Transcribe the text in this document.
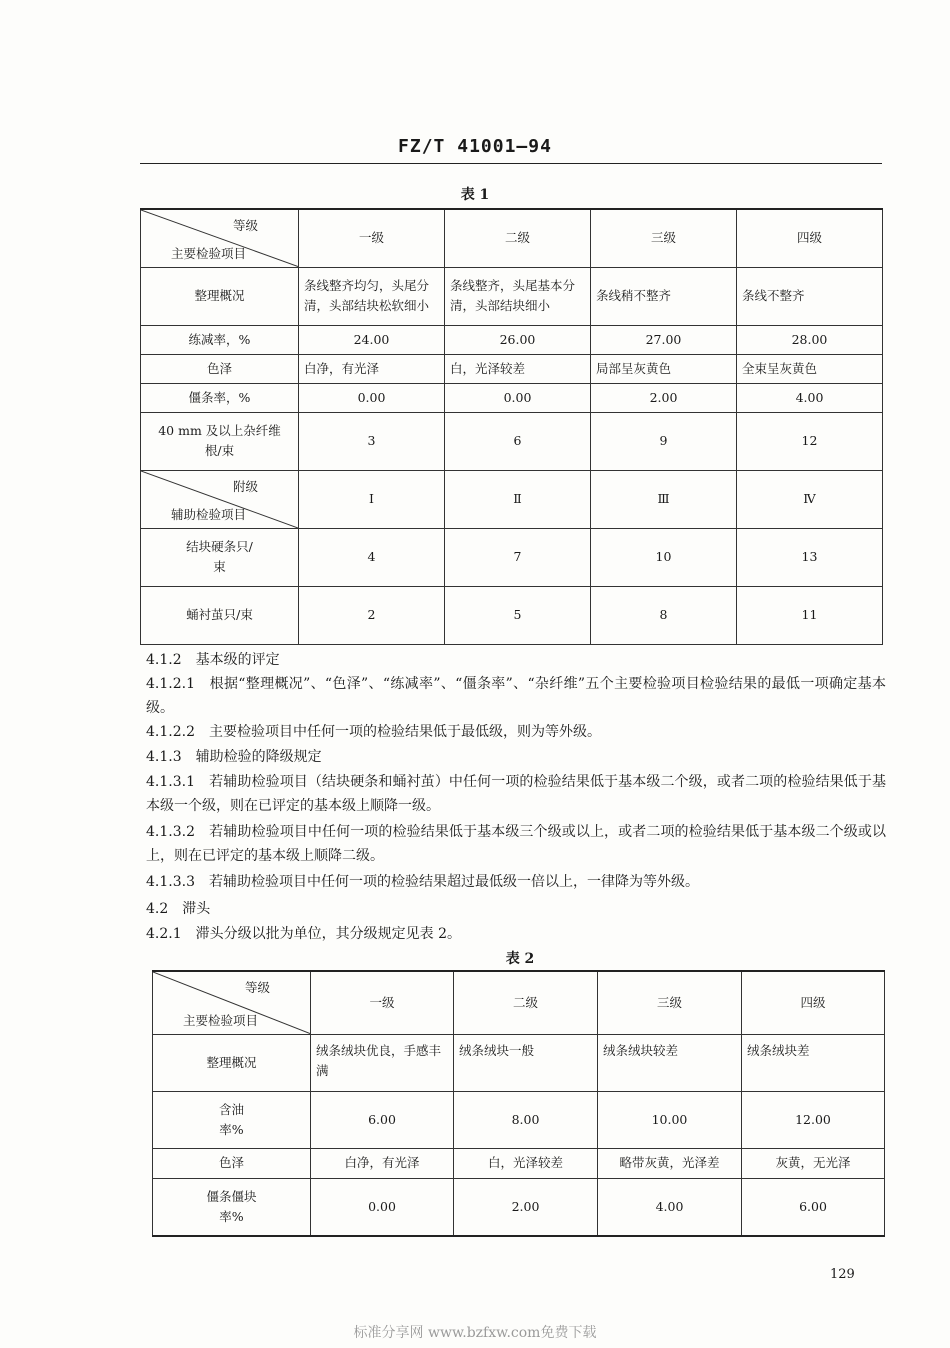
FZ/T 41001—94
表 1
等级
主要检验项目	一级	二级	三级	四级
整理概况	条线整齐均匀，头尾分清，头部结块松软细小	条线整齐，头尾基本分清，头部结块细小	条线稍不整齐	条线不整齐
练减率，%	24.00	26.00	27.00	28.00
色泽	白净，有光泽	白，光泽较差	局部呈灰黄色	全束呈灰黄色
僵条率，%	0.00	0.00	2.00	4.00
40 mm 及以上杂纤维根/束	3	6	9	12

附级
辅助检验项目	Ⅰ	Ⅱ	Ⅲ	Ⅳ
结块硬条只/束	4	7	10	13
蛹衬茧只/束	2	5	8	11
4.1.2　基本级的评定
4.1.2.1　根据“整理概况”、“色泽”、“练减率”、“僵条率”、“杂纤维”五个主要检验项目检验结果的最低一项确定基本级。
4.1.2.2　主要检验项目中任何一项的检验结果低于最低级，则为等外级。
4.1.3　辅助检验的降级规定
4.1.3.1　若辅助检验项目（结块硬条和蛹衬茧）中任何一项的检验结果低于基本级二个级，或者二项的检验结果低于基本级一个级，则在已评定的基本级上顺降一级。
4.1.3.2　若辅助检验项目中任何一项的检验结果低于基本级三个级或以上，或者二项的检验结果低于基本级二个级或以上，则在已评定的基本级上顺降二级。
4.1.3.3　若辅助检验项目中任何一项的检验结果超过最低级一倍以上，一律降为等外级。
4.2　滞头
4.2.1　滞头分级以批为单位，其分级规定见表 2。
表 2
等级
主要检验项目	一级	二级	三级	四级
整理概况	绒条绒块优良，手感丰满	绒条绒块一般	绒条绒块较差	绒条绒块差
含油率%	6.00	8.00	10.00	12.00
色泽	白净，有光泽	白，光泽较差	略带灰黄，光泽差	灰黄，无光泽
僵条僵块率%	0.00	2.00	4.00	6.00
129
标准分享网 www.bzfxw.com免费下载
